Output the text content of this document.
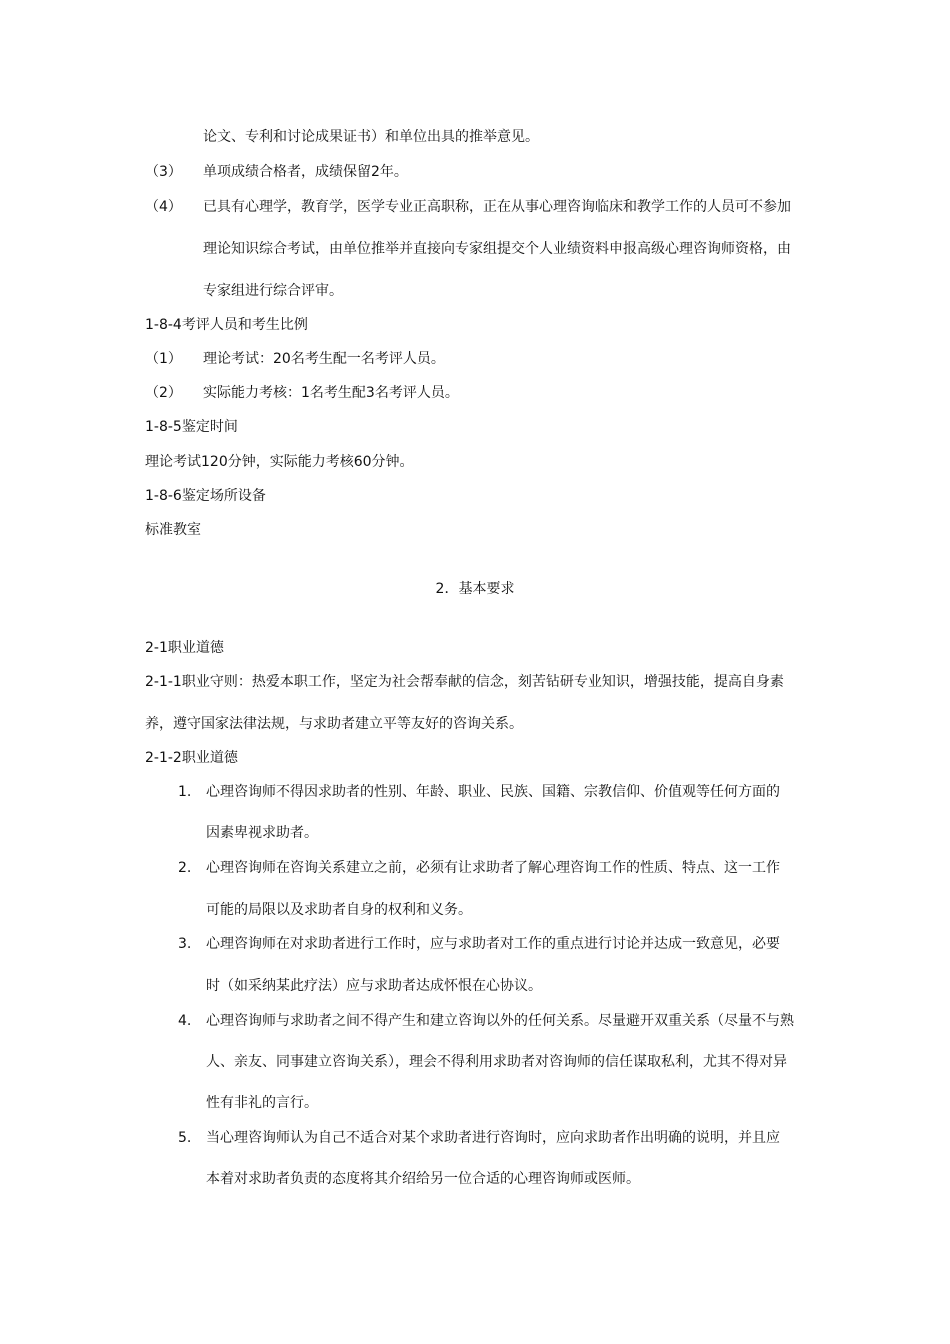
论文、专利和讨论成果证书）和单位出具的推举意见。
（3） 单项成绩合格者，成绩保留2年。
（4） 已具有心理学，教育学，医学专业正高职称，正在从事心理咨询临床和教学工作的人员可不参加
理论知识综合考试，由单位推举并直接向专家组提交个人业绩资料申报高级心理咨询师资格，由
专家组进行综合评审。
1-8-4考评人员和考生比例
（1） 理论考试：20名考生配一名考评人员。
（2） 实际能力考核：1名考生配3名考评人员。
1-8-5鉴定时间
理论考试120分钟，实际能力考核60分钟。
1-8-6鉴定场所设备
标准教室
2．基本要求
2-1职业道德
2-1-1职业守则：热爱本职工作，坚定为社会帮奉献的信念，刻苦钻研专业知识，增强技能，提高自身素
养，遵守国家法律法规，与求助者建立平等友好的咨询关系。
2-1-2职业道德
1. 心理咨询师不得因求助者的性别、年龄、职业、民族、国籍、宗教信仰、价值观等任何方面的
因素卑视求助者。
2. 心理咨询师在咨询关系建立之前，必须有让求助者了解心理咨询工作的性质、特点、这一工作
可能的局限以及求助者自身的权利和义务。
3. 心理咨询师在对求助者进行工作时，应与求助者对工作的重点进行讨论并达成一致意见，必要
时（如采纳某此疗法）应与求助者达成怀恨在心协议。
4. 心理咨询师与求助者之间不得产生和建立咨询以外的任何关系。尽量避开双重关系（尽量不与熟
人、亲友、同事建立咨询关系），理会不得利用求助者对咨询师的信任谋取私利，尤其不得对异
性有非礼的言行。
5. 当心理咨询师认为自己不适合对某个求助者进行咨询时，应向求助者作出明确的说明，并且应
本着对求助者负责的态度将其介绍给另一位合适的心理咨询师或医师。
